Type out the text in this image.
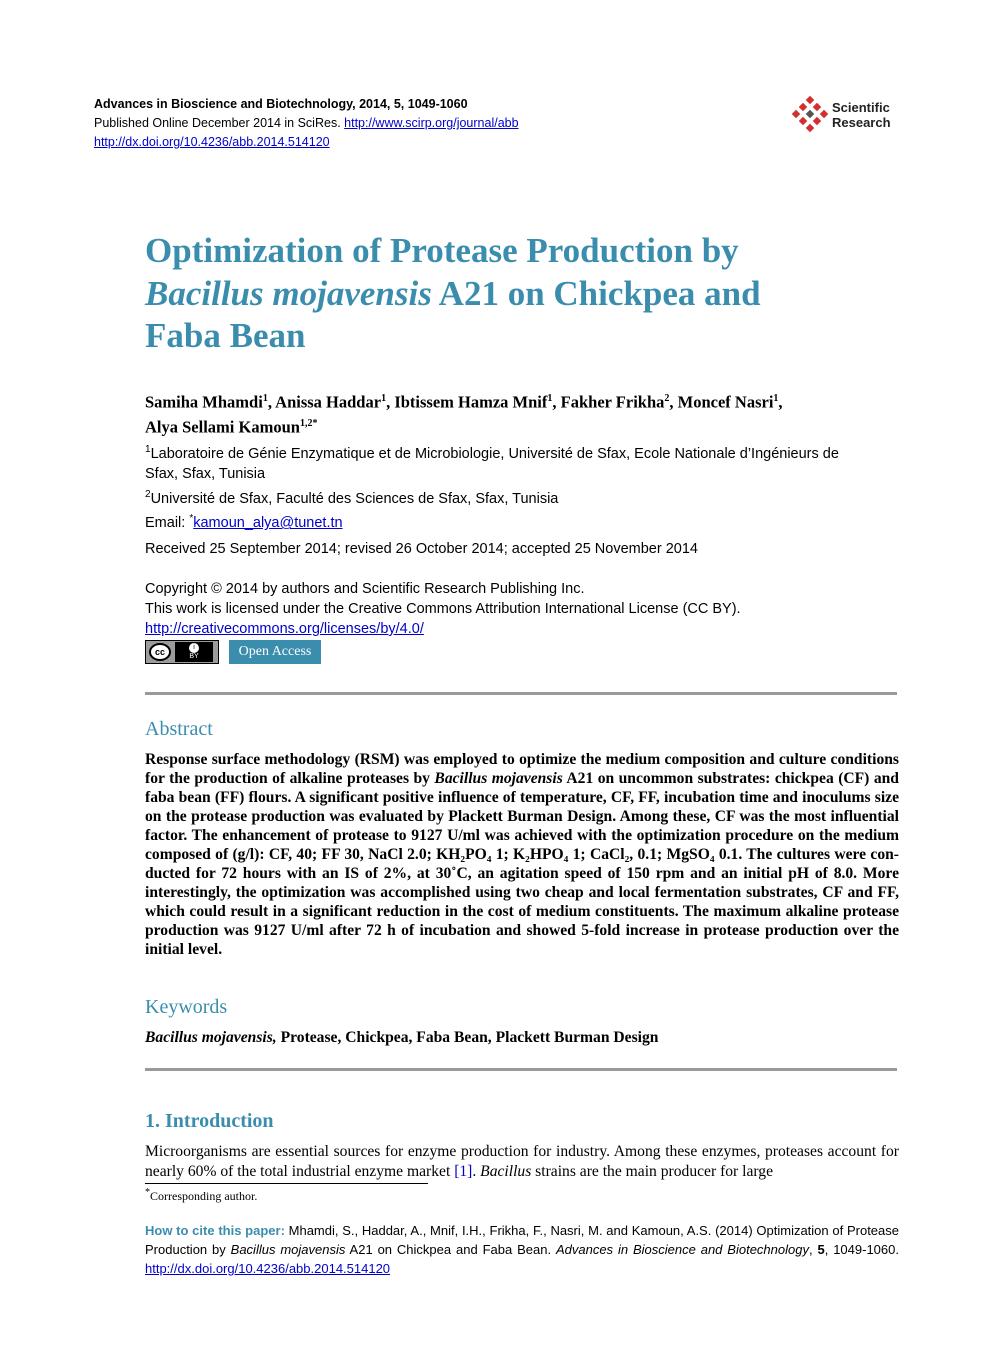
Advances in Bioscience and Biotechnology, 2014, 5, 1049-1060
Published Online December 2014 in SciRes. http://www.scirp.org/journal/abb
http://dx.doi.org/10.4236/abb.2014.514120
Scientific
Research
Optimization of Protease Production by
Bacillus mojavensis A21 on Chickpea and
Faba Bean
Samiha Mhamdi$^1$, Anissa Haddar$^1$, Ibtissem Hamza Mnif$^1$, Fakher Frikha$^2$, Moncef Nasri$^1$,
Alya Sellami Kamoun$^{1,2*}$
$^1$Laboratoire de Génie Enzymatique et de Microbiologie, Université de Sfax, Ecole Nationale d’Ingénieurs de
Sfax, Sfax, Tunisia
$^2$Université de Sfax, Faculté des Sciences de Sfax, Sfax, Tunisia
Email: *kamoun_alya@tunet.tn
Received 25 September 2014; revised 26 October 2014; accepted 25 November 2014
Copyright © 2014 by authors and Scientific Research Publishing Inc.
This work is licensed under the Creative Commons Attribution International License (CC BY).
http://creativecommons.org/licenses/by/4.0/
cc	i
BY	Open Access
Abstract
Response surface methodology (RSM) was employed to optimize the medium composition and culture conditions for the production of alkaline proteases by Bacillus mojavensis A21 on uncommon substrates: chickpea (CF) and faba bean (FF) flours. A significant positive influence of temperature, CF, FF, incubation time and inoculums size on the protease production was evaluated by Plackett Burman Design. Among these, CF was the most influential factor. The enhancement of protease to 9127 U/ml was achieved with the optimization procedure on the medium composed of (g/l): CF, 40; FF 30, NaCl 2.0; KH₂PO₄ 1; K₂HPO₄ 1; CaCl₂, 0.1; MgSO₄ 0.1. The cultures were conducted for 72 hours with an IS of 2%, at 30˚C, an agitation speed of 150 rpm and an initial pH of 8.0. More interestingly, the optimization was accomplished using two cheap and local fermentation substrates, CF and FF, which could result in a significant reduction in the cost of medium constituents. The maximum alkaline protease production was 9127 U/ml after 72 h of incubation and showed 5-fold increase in protease production over the initial level.
Keywords
Bacillus mojavensis, Protease, Chickpea, Faba Bean, Plackett Burman Design
1. Introduction
Microorganisms are essential sources for enzyme production for industry. Among these enzymes, proteases account for nearly 60% of the total industrial enzyme market [1]. Bacillus strains are the main producer for large
*Corresponding author.
How to cite this paper: Mhamdi, S., Haddar, A., Mnif, I.H., Frikha, F., Nasri, M. and Kamoun, A.S. (2014) Optimization of Protease Production by Bacillus mojavensis A21 on Chickpea and Faba Bean. Advances in Bioscience and Biotechnology, 5, 1049-1060. http://dx.doi.org/10.4236/abb.2014.514120
